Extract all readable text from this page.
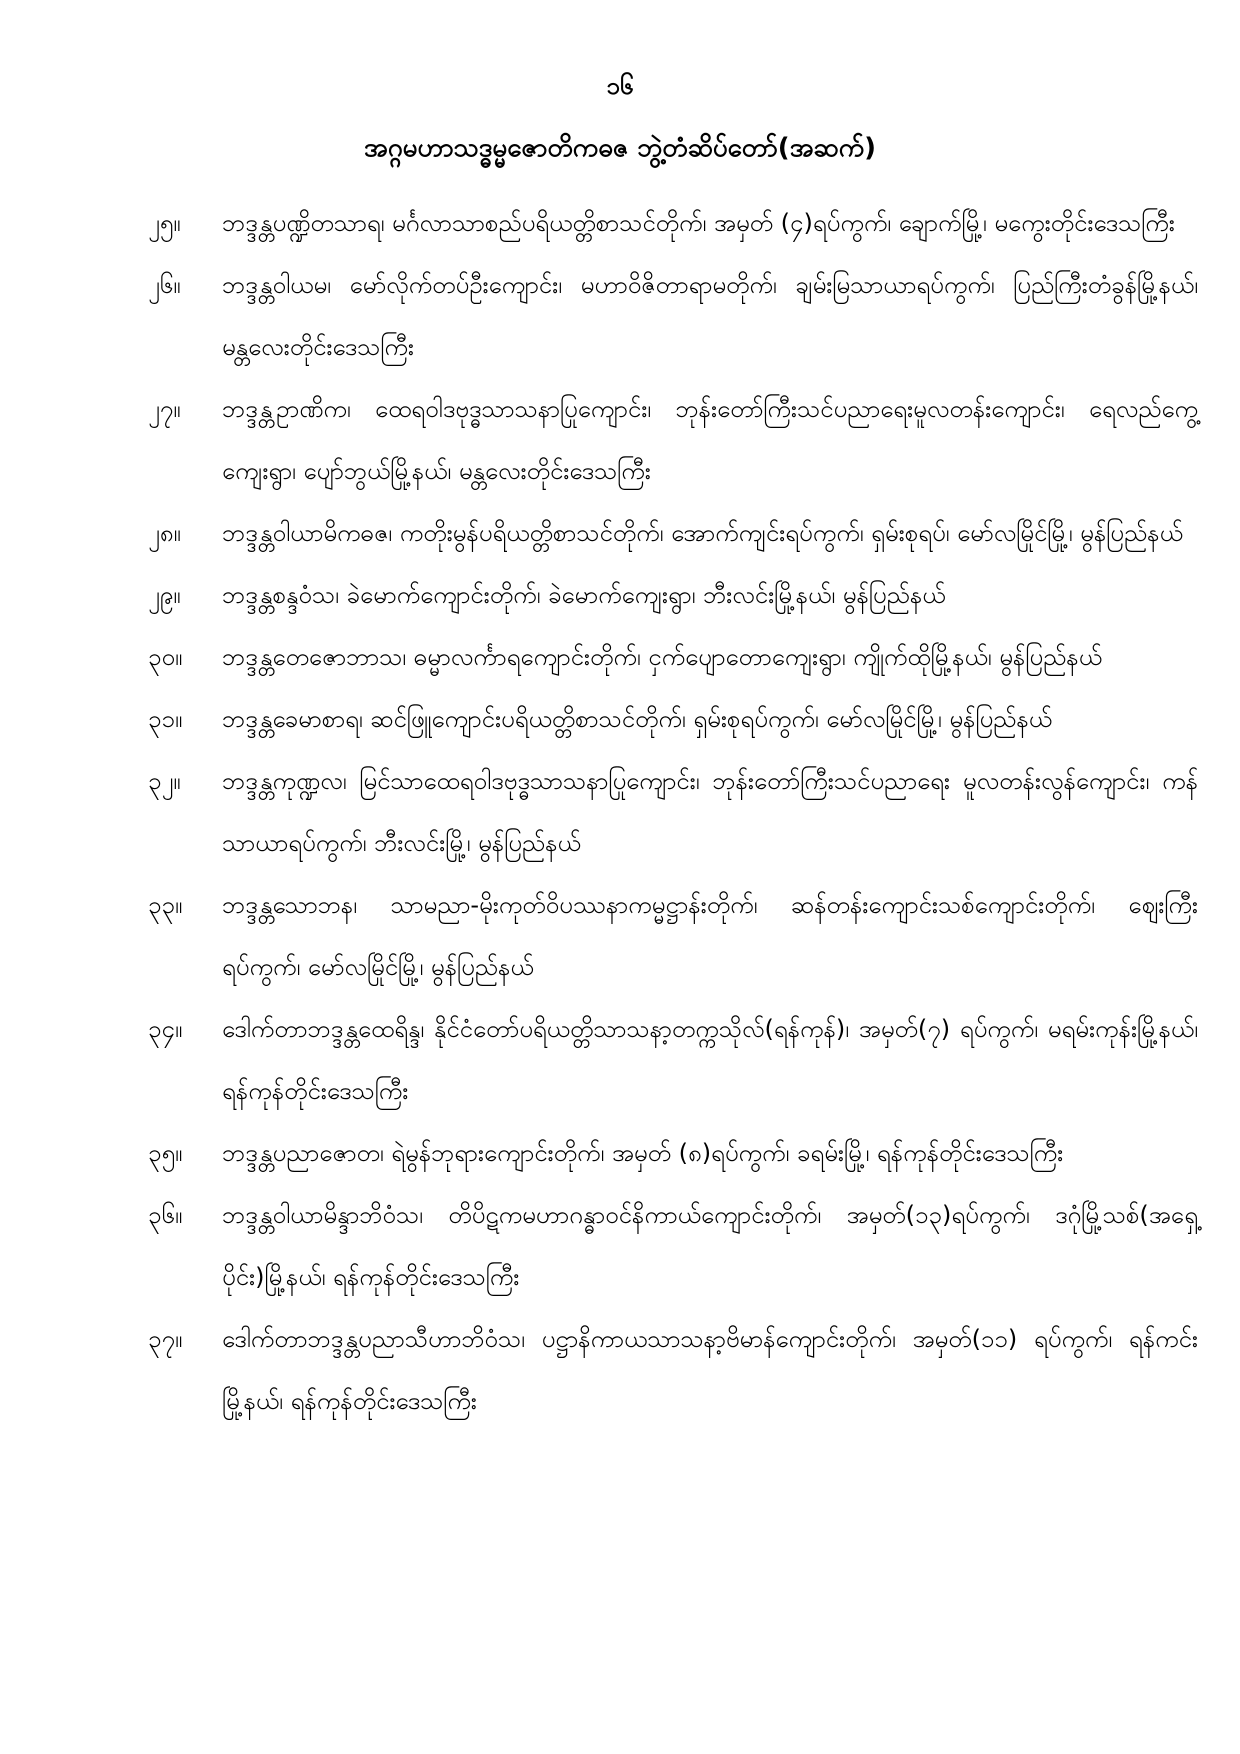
၁၆
အဂ္ဂမဟာသဒ္ဓမ္မဇောတိကဓဇ ဘွဲ့တံဆိပ်တော်(အဆက်)
၂၅။	ဘဒ္ဒန္တပဏ္ဍိတသာရ၊ မင်္ဂလာသာစည်ပရိယတ္တိစာသင်တိုက်၊ အမှတ် (၄)ရပ်ကွက်၊ ချောက်မြို့၊ မကွေးတိုင်းဒေသကြီး
၂၆။	ဘဒ္ဒန္တဝါယမ၊ မော်လိုက်တပ်ဦးကျောင်း၊ မဟာဝိဇိတာရာမတိုက်၊ ချမ်းမြသာယာရပ်ကွက်၊ ပြည်ကြီးတံခွန်မြို့နယ်၊ မန္တလေးတိုင်းဒေသကြီး
၂၇။	ဘဒ္ဒန္တဥာဏိက၊ ထေရဝါဒဗုဒ္ဓသာသနာပြုကျောင်း၊ ဘုန်းတော်ကြီးသင်ပညာရေးမူလတန်းကျောင်း၊ ရေလည်ကွေ့ကျေးရွာ၊ ပျော်ဘွယ်မြို့နယ်၊ မန္တလေးတိုင်းဒေသကြီး
၂၈။	ဘဒ္ဒန္တဝါယာမိကဓဇ၊ ကတိုးမွန်ပရိယတ္တိစာသင်တိုက်၊ အောက်ကျင်းရပ်ကွက်၊ ရှမ်းစုရပ်၊ မော်လမြိုင်မြို့၊ မွန်ပြည်နယ်
၂၉။	ဘဒ္ဒန္တစန္ဒဝံသ၊ ခဲမောက်ကျောင်းတိုက်၊ ခဲမောက်ကျေးရွာ၊ ဘီးလင်းမြို့နယ်၊ မွန်ပြည်နယ်
၃၀။	ဘဒ္ဒန္တတေဇောဘာသ၊ ဓမ္မာလင်္ကာရကျောင်းတိုက်၊ ငှက်ပျောတောကျေးရွာ၊ ကျိုက်ထိုမြို့နယ်၊ မွန်ပြည်နယ်
၃၁။	ဘဒ္ဒန္တခေမာစာရ၊ ဆင်ဖြူကျောင်းပရိယတ္တိစာသင်တိုက်၊ ရှမ်းစုရပ်ကွက်၊ မော်လမြိုင်မြို့၊ မွန်ပြည်နယ်
၃၂။	ဘဒ္ဒန္တကုဏ္ဍလ၊ မြင်သာထေရဝါဒဗုဒ္ဓသာသနာပြုကျောင်း၊ ဘုန်းတော်ကြီးသင်ပညာရေး မူလတန်းလွန်ကျောင်း၊ ကန်သာယာရပ်ကွက်၊ ဘီးလင်းမြို့၊ မွန်ပြည်နယ်
၃၃။	ဘဒ္ဒန္တသောဘန၊ သာမညာ-မိုးကုတ်ဝိပဿနာကမ္မဋ္ဌာန်းတိုက်၊ ဆန်တန်းကျောင်းသစ်ကျောင်းတိုက်၊ ဈေးကြီးရပ်ကွက်၊ မော်လမြိုင်မြို့၊ မွန်ပြည်နယ်
၃၄။	ဒေါက်တာဘဒ္ဒန္တထေရိန္ဒ၊ နိုင်ငံတော်ပရိယတ္တိသာသနာ့တက္ကသိုလ်(ရန်ကုန်)၊ အမှတ်(၇) ရပ်ကွက်၊ မရမ်းကုန်းမြို့နယ်၊ ရန်ကုန်တိုင်းဒေသကြီး
၃၅။	ဘဒ္ဒန္တပညာဇောတ၊ ရဲမွန်ဘုရားကျောင်းတိုက်၊ အမှတ် (၈)ရပ်ကွက်၊ ခရမ်းမြို့၊ ရန်ကုန်တိုင်းဒေသကြီး
၃၆။	ဘဒ္ဒန္တဝါယာမိန္ဒာဘိဝံသ၊ တိပိဋကမဟာဂန္ဓာဝင်နိကာယ်ကျောင်းတိုက်၊ အမှတ်(၁၃)ရပ်ကွက်၊ ဒဂုံမြို့သစ်(အရှေ့ပိုင်း)မြို့နယ်၊ ရန်ကုန်တိုင်းဒေသကြီး
၃၇။	ဒေါက်တာဘဒ္ဒန္တပညာသီဟာဘိဝံသ၊ ပဋ္ဌာနိကာယသာသနာ့ဗိမာန်ကျောင်းတိုက်၊ အမှတ်(၁၁) ရပ်ကွက်၊ ရန်ကင်းမြို့နယ်၊ ရန်ကုန်တိုင်းဒေသကြီး
